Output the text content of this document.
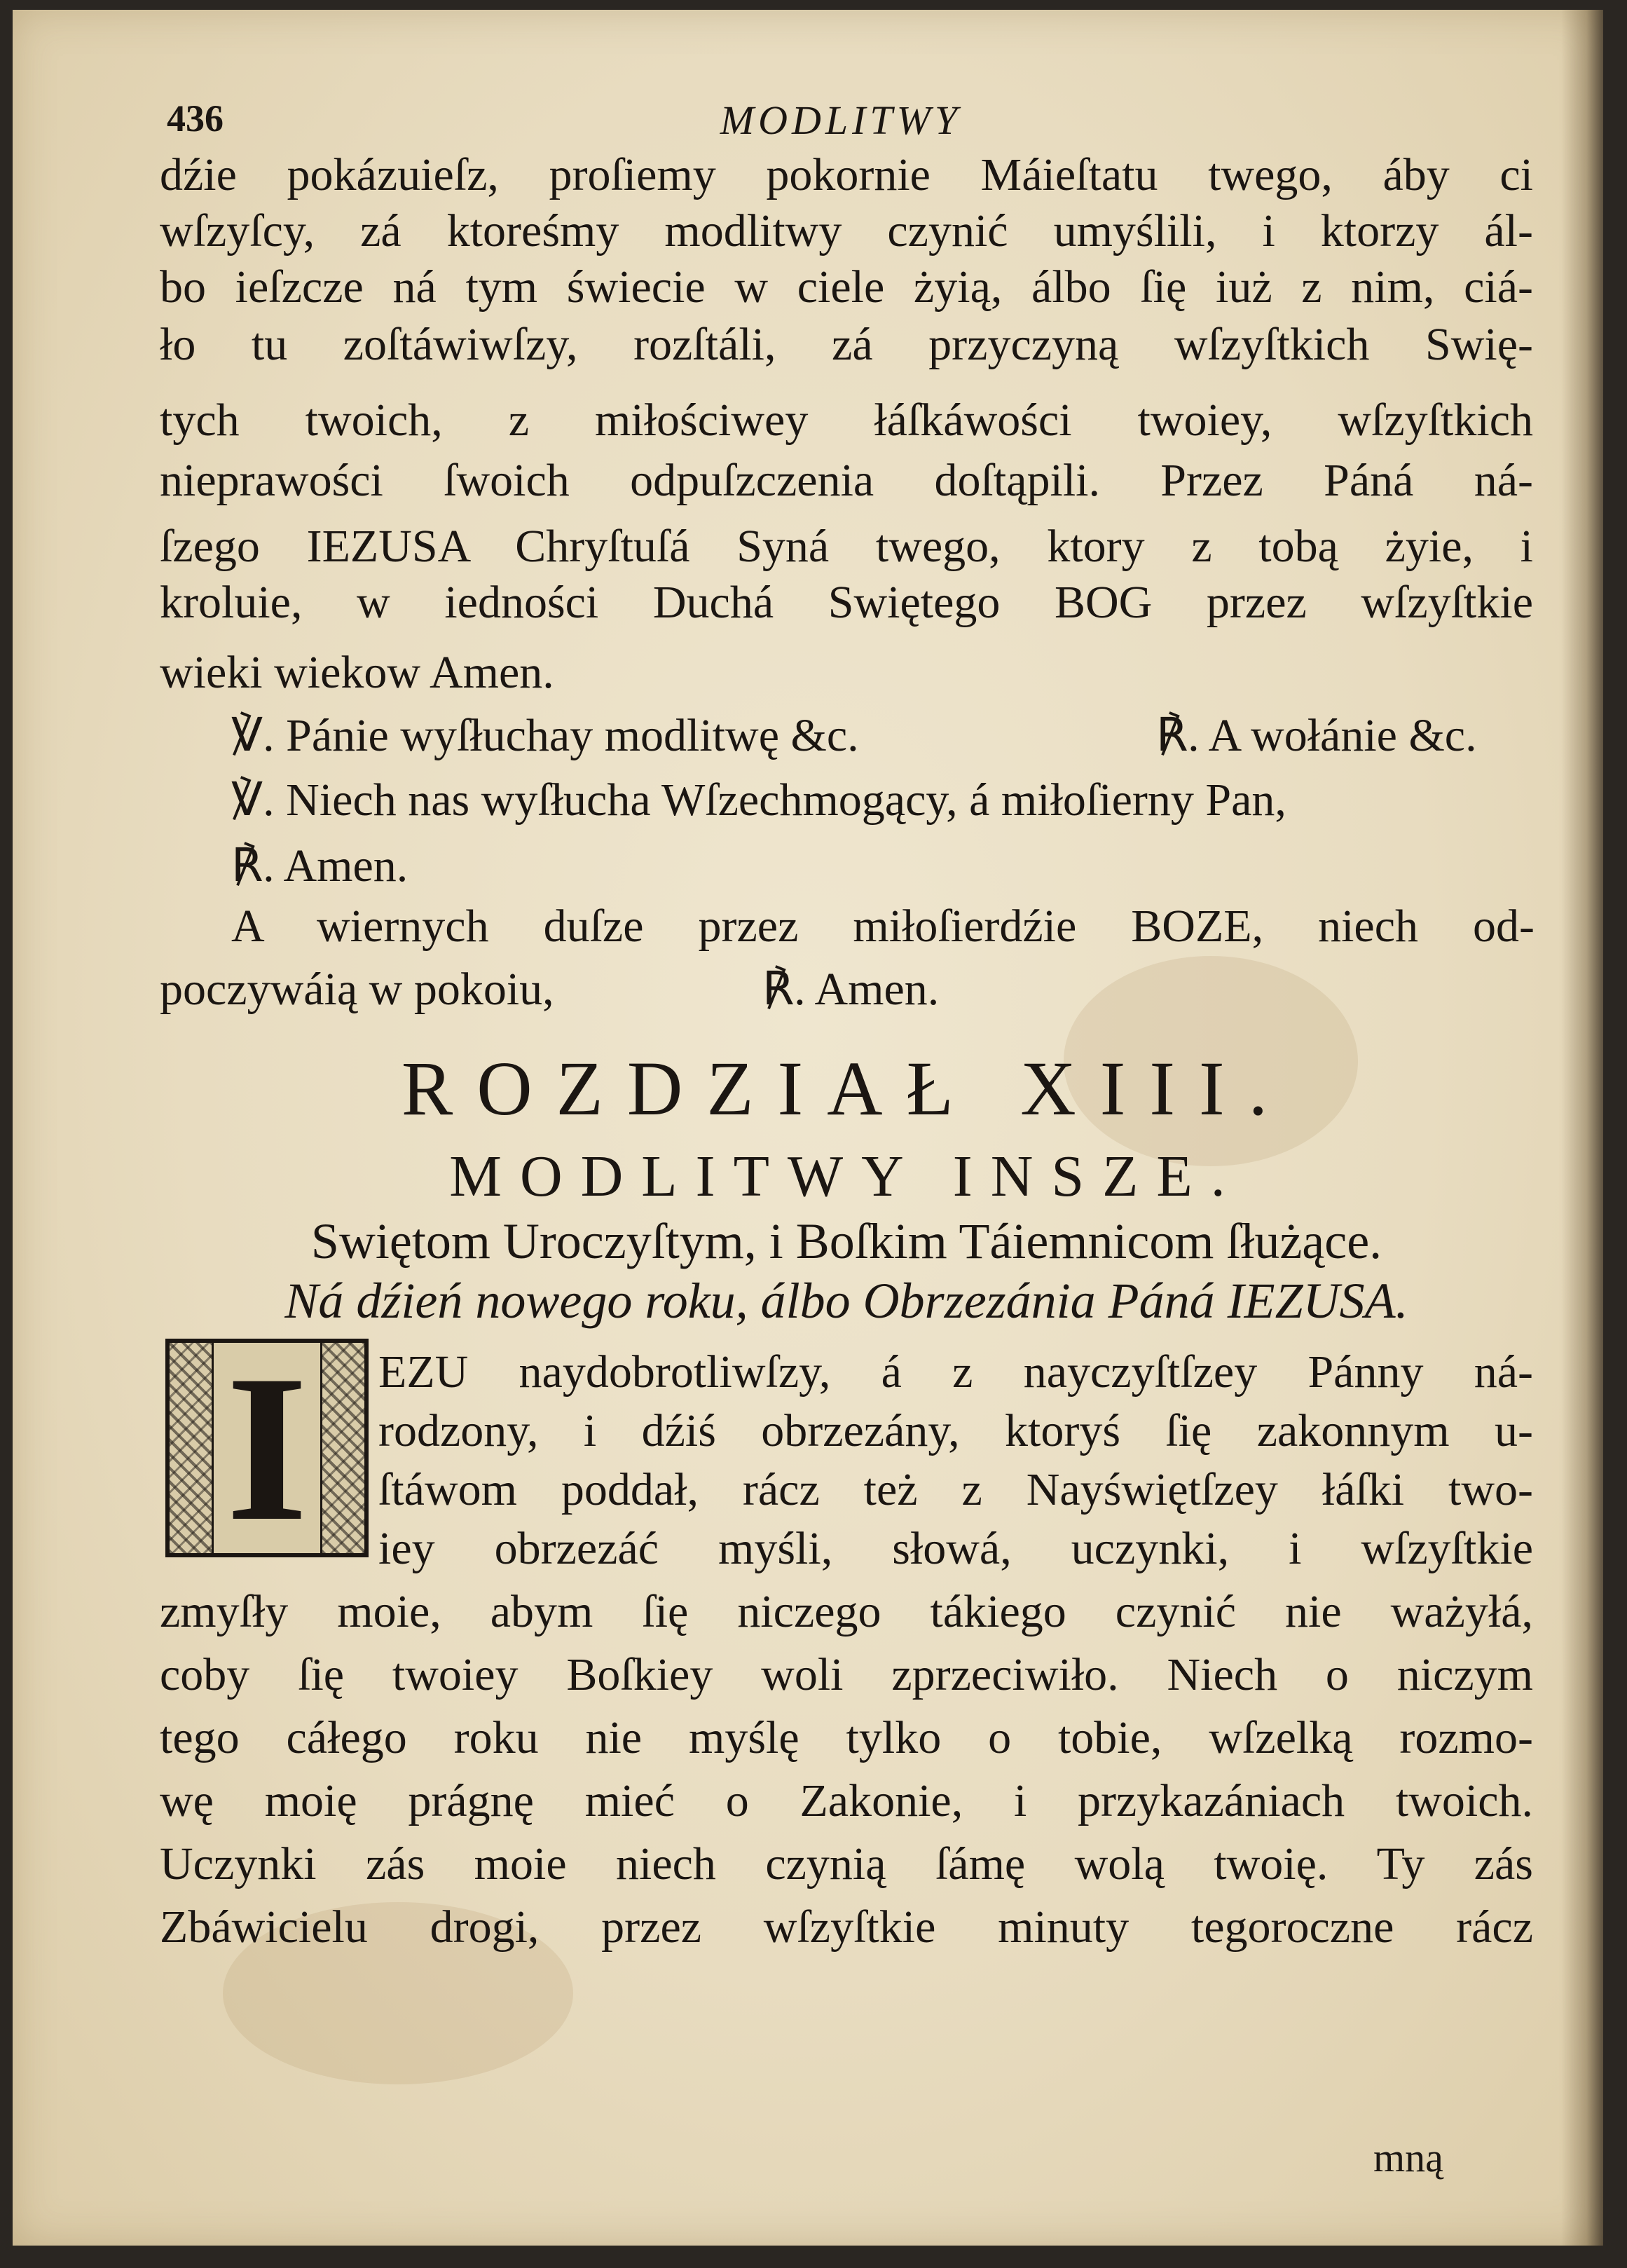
436	MODLITWY
dźie pokázuieſz, proſiemy pokornie Máieſtatu twego, áby ci
wſzyſcy, zá ktoreśmy modlitwy czynić umyślili, i ktorzy ál-
bo ieſzcze ná tym świecie w ciele żyią, álbo ſię iuż z nim, ciá-
ło tu zoſtáwiwſzy, rozſtáli, zá przyczyną wſzyſtkich Swię-
tych twoich, z miłościwey łáſkáwości twoiey, wſzyſtkich
nieprawości ſwoich odpuſzczenia doſtąpili. Przez Páná ná-
ſzego IEZUSA Chryſtuſá Syná twego, ktory z tobą żyie, i
kroluie, w iedności Duchá Swiętego BOG przez wſzyſtkie
wieki wiekow Amen.
℣. Pánie wyſłuchay modlitwę &c.	℟. A wołánie &c.
℣. Niech nas wyſłucha Wſzechmogący, á miłoſierny Pan,
℟. Amen.
A wiernych duſze przez miłoſierdźie BOZE, niech od-
poczywáią w pokoiu,	℟. Amen.
ROZDZIAŁ XIII.
MODLITWY INSZE.
Swiętom Uroczyſtym, i Boſkim Táiemnicom ſłużące.
Ná dźień nowego roku, álbo Obrzezánia Páná IEZUSA.
I	EZU naydobrotliwſzy, á z nayczyſtſzey Pánny ná-
rodzony, i dźiś obrzezány, ktoryś ſię zakonnym u-
ſtáwom poddał, rácz też z Nayświętſzey łáſki two-
iey obrzezáć myśli, słowá, uczynki, i wſzyſtkie
zmyſły moie, abym ſię niczego tákiego czynić nie ważyłá,
coby ſię twoiey Boſkiey woli zprzeciwiło. Niech o niczym
tego cáłego roku nie myślę tylko o tobie, wſzelką rozmo-
wę moię prágnę mieć o Zakonie, i przykazániach twoich.
Uczynki zás moie niech czynią ſámę wolą twoię. Ty zás
Zbáwicielu drogi, przez wſzyſtkie minuty tegoroczne rácz
mną
